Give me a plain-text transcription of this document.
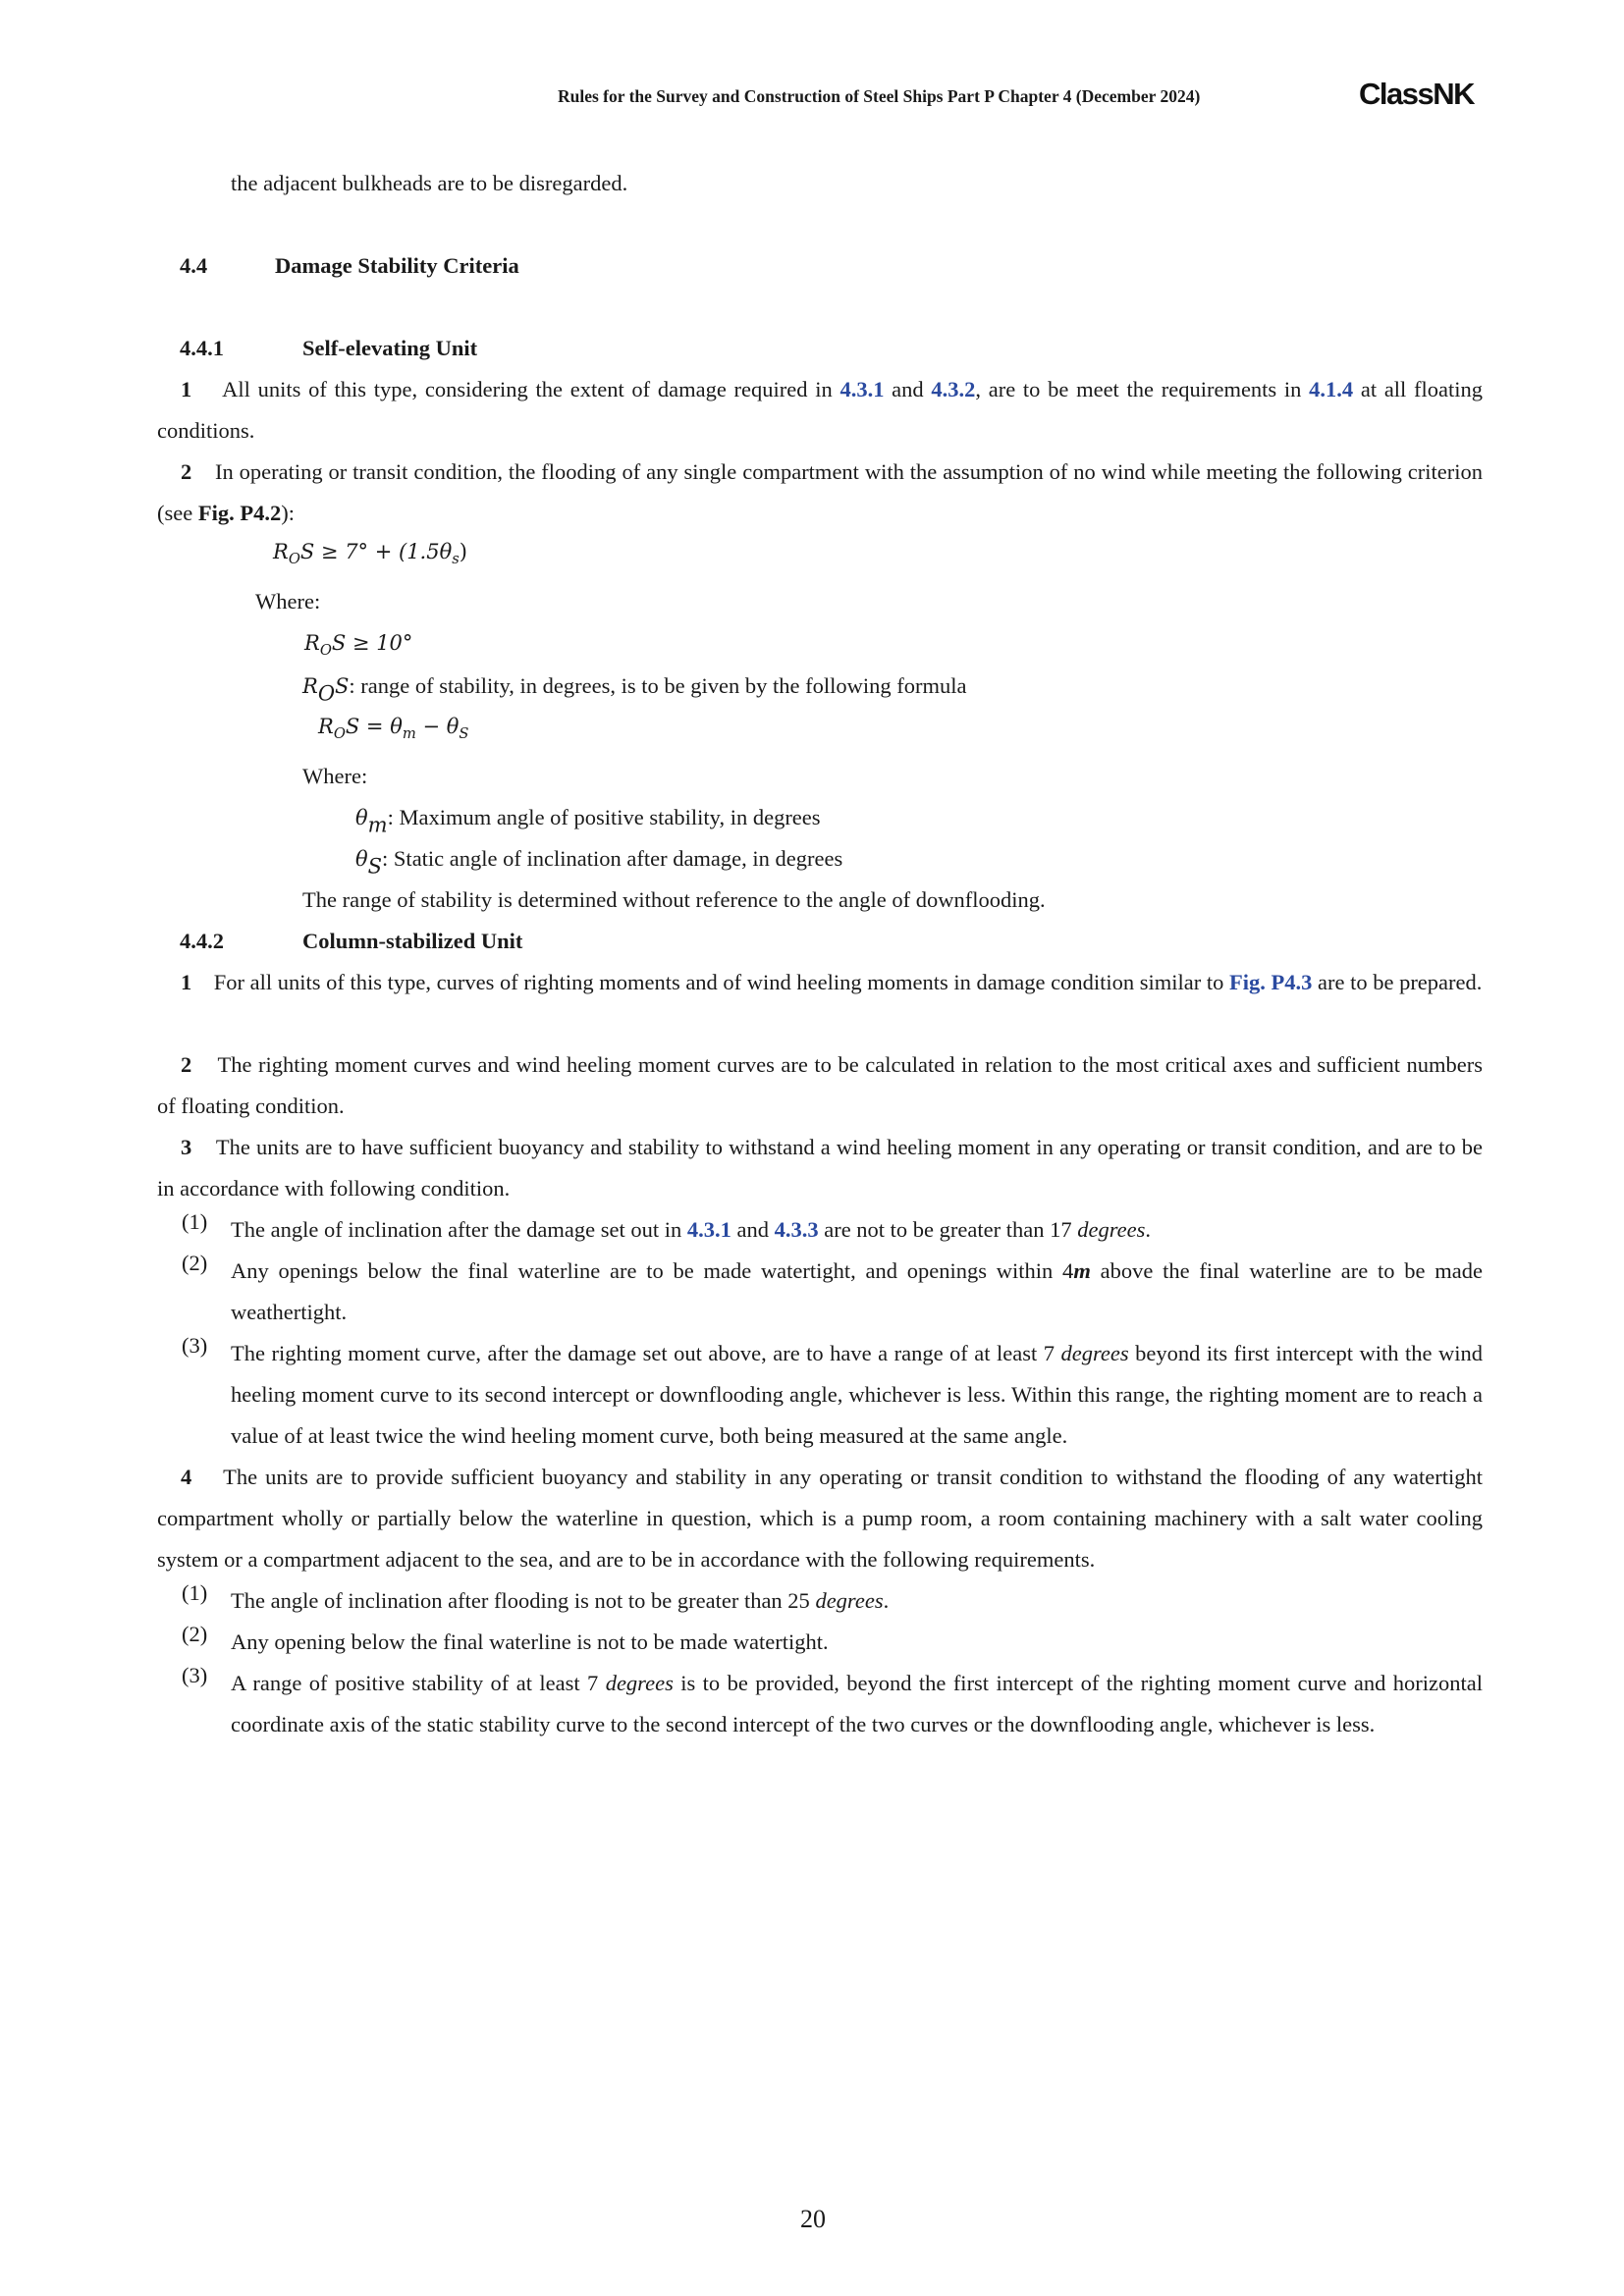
Rules for the Survey and Construction of Steel Ships Part P Chapter 4 (December 2024)	ClassNK
the adjacent bulkheads are to be disregarded.
4.4	Damage Stability Criteria
4.4.1	Self-elevating Unit
1 All units of this type, considering the extent of damage required in 4.3.1 and 4.3.2, are to be meet the requirements in 4.1.4 at all floating conditions.
2 In operating or transit condition, the flooding of any single compartment with the assumption of no wind while meeting the following criterion (see Fig. P4.2):
$R_OS \ge 7^\circ + (1.5\theta_s)$
Where:
$R_OS \ge 10^\circ$
$R_OS$: range of stability, in degrees, is to be given by the following formula
$R_OS = \theta_m - \theta_S$
Where:
$\theta_m$: Maximum angle of positive stability, in degrees
$\theta_S$: Static angle of inclination after damage, in degrees
The range of stability is determined without reference to the angle of downflooding.
4.4.2	Column-stabilized Unit
1 For all units of this type, curves of righting moments and of wind heeling moments in damage condition similar to Fig. P4.3 are to be prepared.
2 The righting moment curves and wind heeling moment curves are to be calculated in relation to the most critical axes and sufficient numbers of floating condition.
3 The units are to have sufficient buoyancy and stability to withstand a wind heeling moment in any operating or transit condition, and are to be in accordance with following condition.
(1) The angle of inclination after the damage set out in 4.3.1 and 4.3.3 are not to be greater than 17 degrees.
(2) Any openings below the final waterline are to be made watertight, and openings within 4m above the final waterline are to be made weathertight.
(3) The righting moment curve, after the damage set out above, are to have a range of at least 7 degrees beyond its first intercept with the wind heeling moment curve to its second intercept or downflooding angle, whichever is less. Within this range, the righting moment are to reach a value of at least twice the wind heeling moment curve, both being measured at the same angle.
4 The units are to provide sufficient buoyancy and stability in any operating or transit condition to withstand the flooding of any watertight compartment wholly or partially below the waterline in question, which is a pump room, a room containing machinery with a salt water cooling system or a compartment adjacent to the sea, and are to be in accordance with the following requirements.
(1) The angle of inclination after flooding is not to be greater than 25 degrees.
(2) Any opening below the final waterline is not to be made watertight.
(3) A range of positive stability of at least 7 degrees is to be provided, beyond the first intercept of the righting moment curve and horizontal coordinate axis of the static stability curve to the second intercept of the two curves or the downflooding angle, whichever is less.
20
